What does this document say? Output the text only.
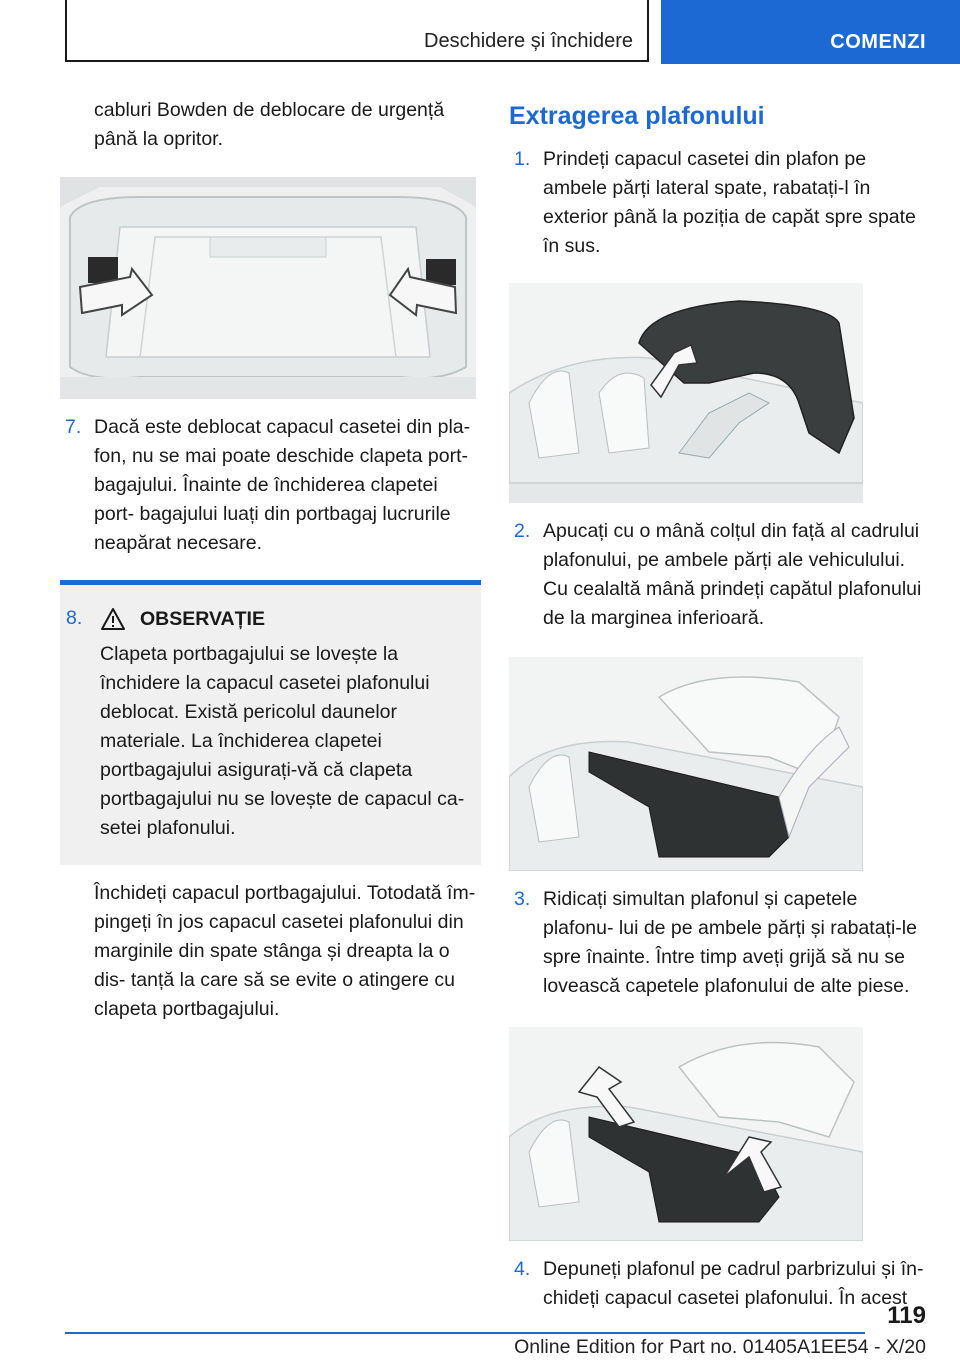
Deschidere și închidere	COMENZI

cabluri Bowden de deblocare de urgență

până la opritor.

7. Dacă este deblocat capacul casetei din pla- fon, nu se mai poate deschide clapeta port- bagajului. Înainte de închiderea clapetei port- bagajului luați din portbagaj lucrurile neapărat necesare.
8.	OBSERVAȚIE

Clapeta portbagajului se lovește la închidere la capacul casetei plafonului deblocat. Există pericolul daunelor materiale. La închiderea clapetei portbagajului asigurați-vă că clapeta portbagajului nu se lovește de capacul ca- setei plafonului.

Închideți capacul portbagajului. Totodată îm- pingeți în jos capacul casetei plafonului din marginile din spate stânga și dreapta la o dis- tanță la care să se evite o atingere cu clapeta portbagajului.

Extragerea plafonului
1. Prindeți capacul casetei din plafon pe ambele părți lateral spate, rabatați-l în exterior până la poziția de capăt spre spate în sus.
2. Apucați cu o mână colțul din față al cadrului plafonului, pe ambele părți ale vehiculului. Cu cealaltă mână prindeți capătul plafonului de la marginea inferioară.
3. Ridicați simultan plafonul și capetele plafonu- lui de pe ambele părți și rabatați-le spre înainte. Între timp aveți grijă să nu se lovească capetele plafonului de alte piese.
4. Depuneți plafonul pe cadrul parbrizului și în- chideți capacul casetei plafonului. În acest
119
Online Edition for Part no. 01405A1EE54 - X/20
